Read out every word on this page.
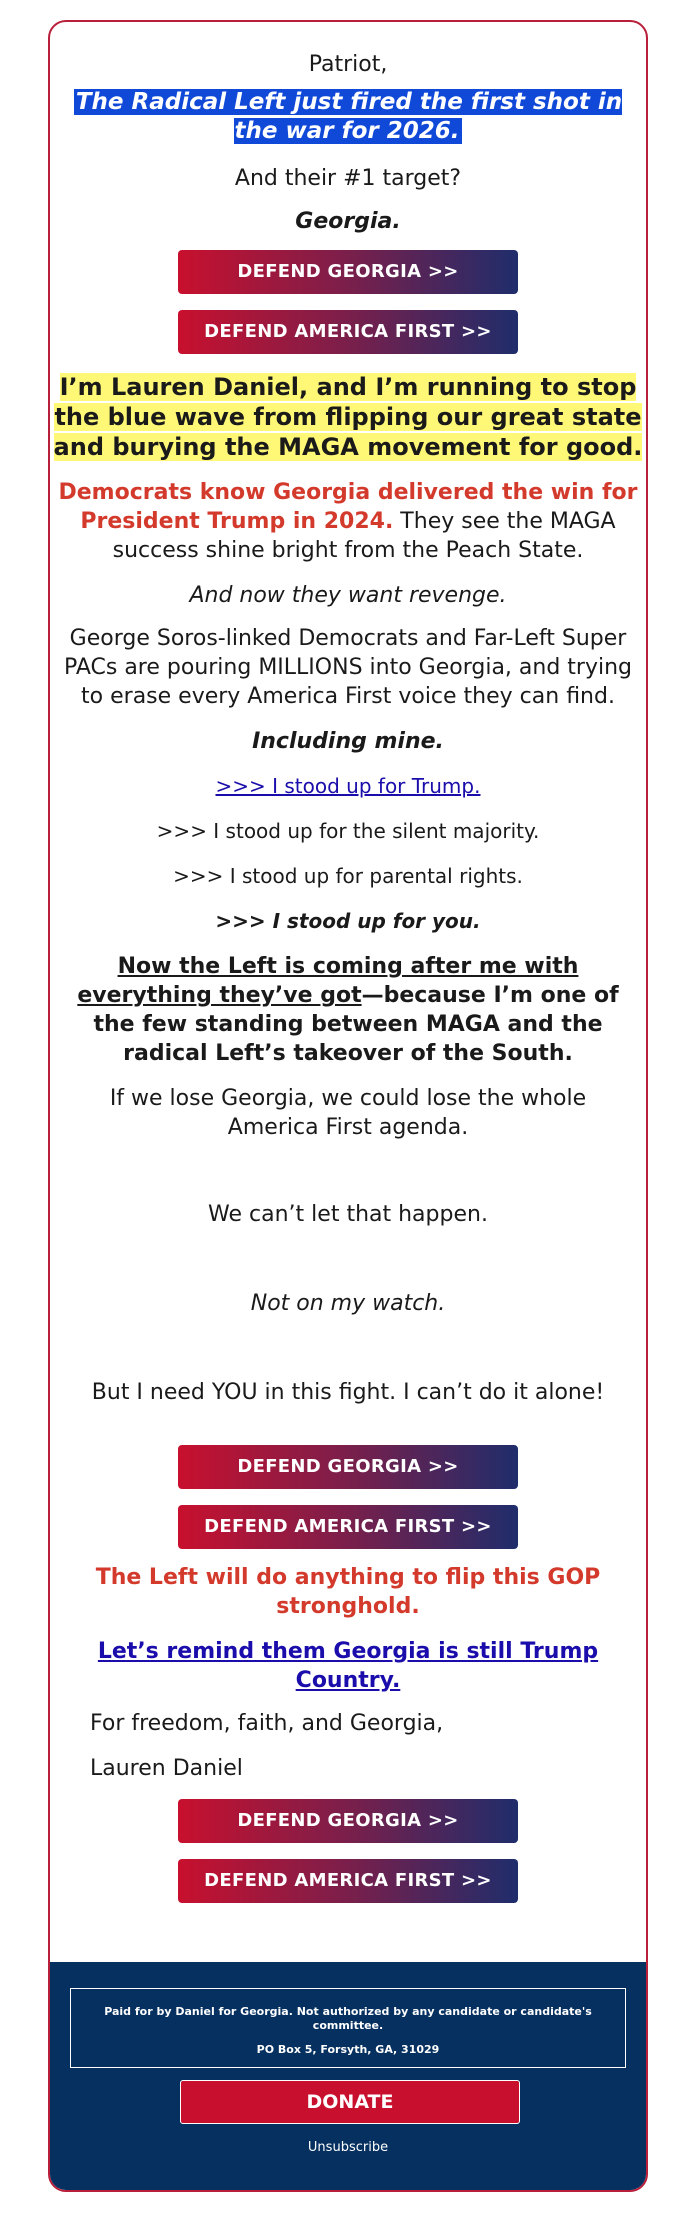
Patriot,
The Radical Left just fired the first shot in the war for 2026.
And their #1 target?
Georgia.
DEFEND GEORGIA >>
DEFEND AMERICA FIRST >>
I’m Lauren Daniel, and I’m running to stop the blue wave from flipping our great state and burying the MAGA movement for good.
Democrats know Georgia delivered the win for President Trump in 2024. They see the MAGA success shine bright from the Peach State.
And now they want revenge.
George Soros-linked Democrats and Far-Left Super PACs are pouring MILLIONS into Georgia, and trying to erase every America First voice they can find.
Including mine.
>>> I stood up for Trump.
>>> I stood up for the silent majority.
>>> I stood up for parental rights.
>>> I stood up for you.
Now the Left is coming after me with everything they’ve got—because I’m one of the few standing between MAGA and the radical Left’s takeover of the South.
If we lose Georgia, we could lose the whole America First agenda.
We can’t let that happen.
Not on my watch.
But I need YOU in this fight. I can’t do it alone!
DEFEND GEORGIA >>
DEFEND AMERICA FIRST >>
The Left will do anything to flip this GOP stronghold.
Let’s remind them Georgia is still Trump Country.
For freedom, faith, and Georgia,
Lauren Daniel
DEFEND GEORGIA >>
DEFEND AMERICA FIRST >>
Paid for by Daniel for Georgia. Not authorized by any candidate or candidate's committee.
PO Box 5, Forsyth, GA, 31029
DONATE
Unsubscribe
